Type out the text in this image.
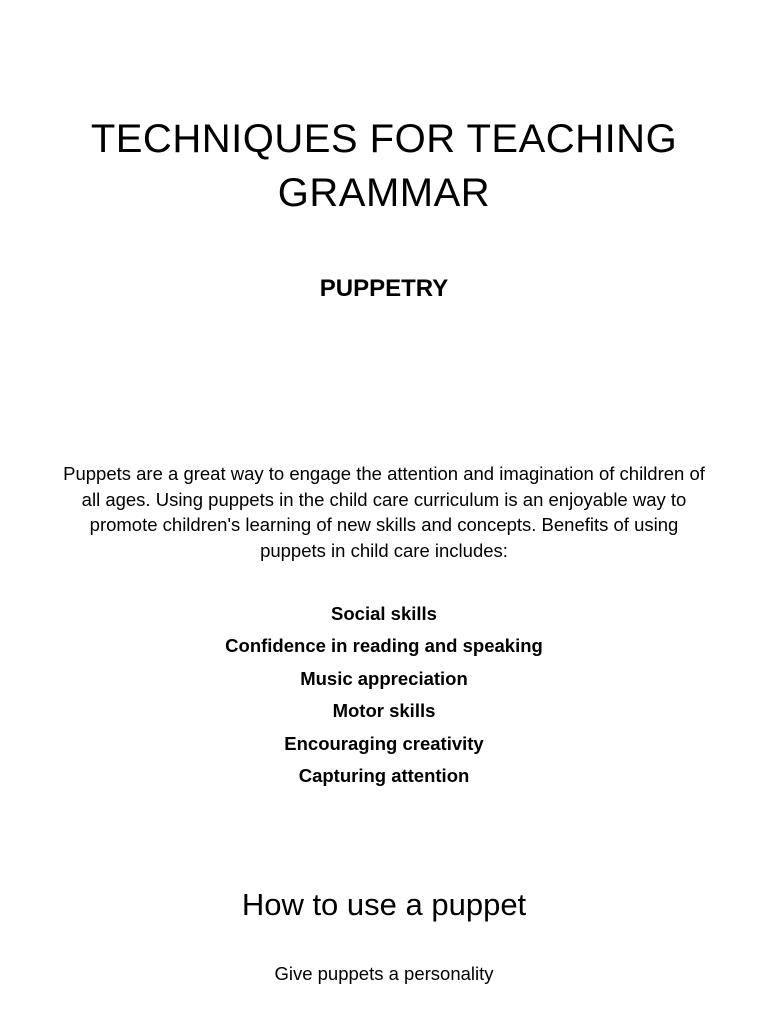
TECHNIQUES FOR TEACHING GRAMMAR
PUPPETRY

Puppets are a great way to engage the attention and imagination of children of all ages. Using puppets in the child care curriculum is an enjoyable way to promote children's learning of new skills and concepts. Benefits of using puppets in child care includes:

Social skills
Confidence in reading and speaking
Music appreciation
Motor skills
Encouraging creativity
Capturing attention
How to use a puppet

Give puppets a personality
